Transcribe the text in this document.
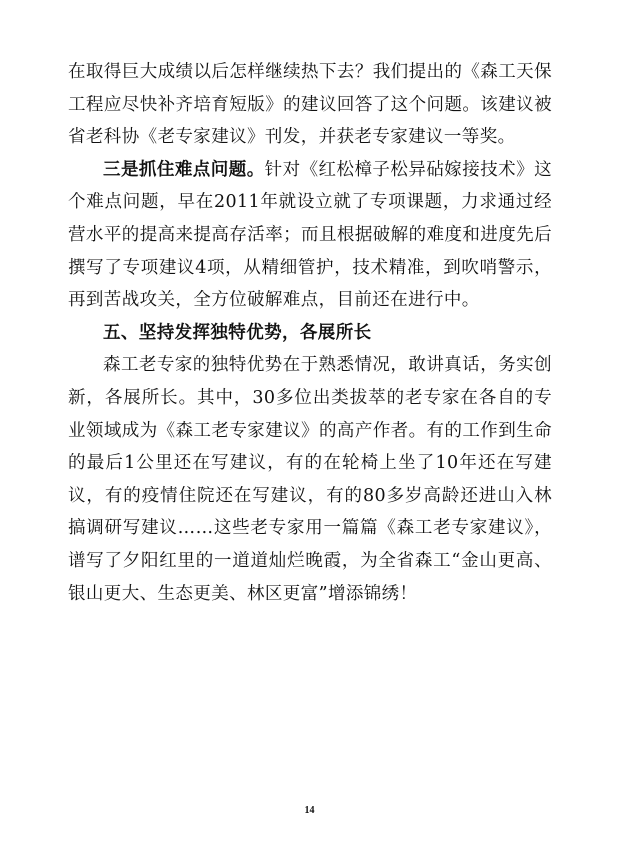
在取得巨大成绩以后怎样继续热下去？我们提出的《森工天保工程应尽快补齐培育短版》的建议回答了这个问题。该建议被省老科协《老专家建议》刊发，并获老专家建议一等奖。

三是抓住难点问题。针对《红松樟子松异砧嫁接技术》这个难点问题，早在2011年就设立就了专项课题，力求通过经营水平的提高来提高存活率；而且根据破解的难度和进度先后撰写了专项建议4项，从精细管护，技术精准，到吹哨警示，再到苦战攻关，全方位破解难点，目前还在进行中。

五、坚持发挥独特优势，各展所长

森工老专家的独特优势在于熟悉情况，敢讲真话，务实创新，各展所长。其中，30多位出类拔萃的老专家在各自的专业领域成为《森工老专家建议》的高产作者。有的工作到生命的最后1公里还在写建议，有的在轮椅上坐了10年还在写建议，有的疫情住院还在写建议，有的80多岁高龄还进山入林搞调研写建议……这些老专家用一篇篇《森工老专家建议》，谱写了夕阳红里的一道道灿烂晚霞，为全省森工“金山更高、银山更大、生态更美、林区更富”增添锦绣！

14
